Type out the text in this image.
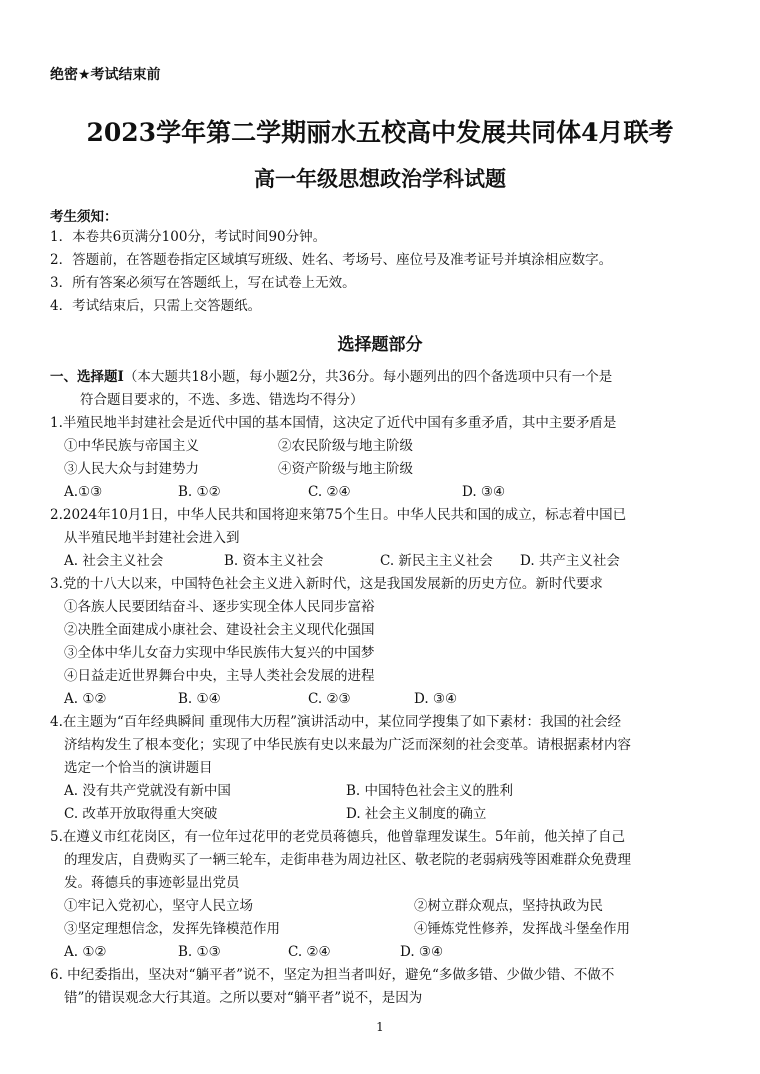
绝密★考试结束前
2023学年第二学期丽水五校高中发展共同体4月联考
高一年级思想政治学科试题
考生须知：
1．本卷共6页满分100分，考试时间90分钟。
2．答题前，在答题卷指定区域填写班级、姓名、考场号、座位号及准考证号并填涂相应数字。
3．所有答案必须写在答题纸上，写在试卷上无效。
4．考试结束后，只需上交答题纸。
选择题部分
一、选择题Ⅰ（本大题共18小题，每小题2分，共36分。每小题列出的四个备选项中只有一个是
符合题目要求的，不选、多选、错选均不得分）
1.半殖民地半封建社会是近代中国的基本国情，这决定了近代中国有多重矛盾，其中主要矛盾是
①中华民族与帝国主义	②农民阶级与地主阶级
③人民大众与封建势力	④资产阶级与地主阶级
A.①③	B. ①②	C. ②④	D. ③④
2.2024年10月1日，中华人民共和国将迎来第75个生日。中华人民共和国的成立，标志着中国已
从半殖民地半封建社会进入到
A. 社会主义社会	B. 资本主义社会	C. 新民主主义社会 D. 共产主义社会
3.党的十八大以来，中国特色社会主义进入新时代，这是我国发展新的历史方位。新时代要求
①各族人民要团结奋斗、逐步实现全体人民同步富裕
②决胜全面建成小康社会、建设社会主义现代化强国
③全体中华儿女奋力实现中华民族伟大复兴的中国梦
④日益走近世界舞台中央，主导人类社会发展的进程
A. ①②	B. ①④	C. ②③	D. ③④
4.在主题为“百年经典瞬间 重现伟大历程”演讲活动中，某位同学搜集了如下素材：我国的社会经
济结构发生了根本变化；实现了中华民族有史以来最为广泛而深刻的社会变革。请根据素材内容
选定一个恰当的演讲题目
A. 没有共产党就没有新中国	B. 中国特色社会主义的胜利
C. 改革开放取得重大突破	D. 社会主义制度的确立
5.在遵义市红花岗区，有一位年过花甲的老党员蒋德兵，他曾靠理发谋生。5年前，他关掉了自己
的理发店，自费购买了一辆三轮车，走街串巷为周边社区、敬老院的老弱病残等困难群众免费理
发。蒋德兵的事迹彰显出党员
①牢记入党初心，坚守人民立场	②树立群众观点，坚持执政为民
③坚定理想信念，发挥先锋模范作用	④锤炼党性修养，发挥战斗堡垒作用
A. ①②	B. ①③	C. ②④	D. ③④
6. 中纪委指出，坚决对“躺平者”说不，坚定为担当者叫好，避免“多做多错、少做少错、不做不
错”的错误观念大行其道。之所以要对“躺平者”说不，是因为
1
